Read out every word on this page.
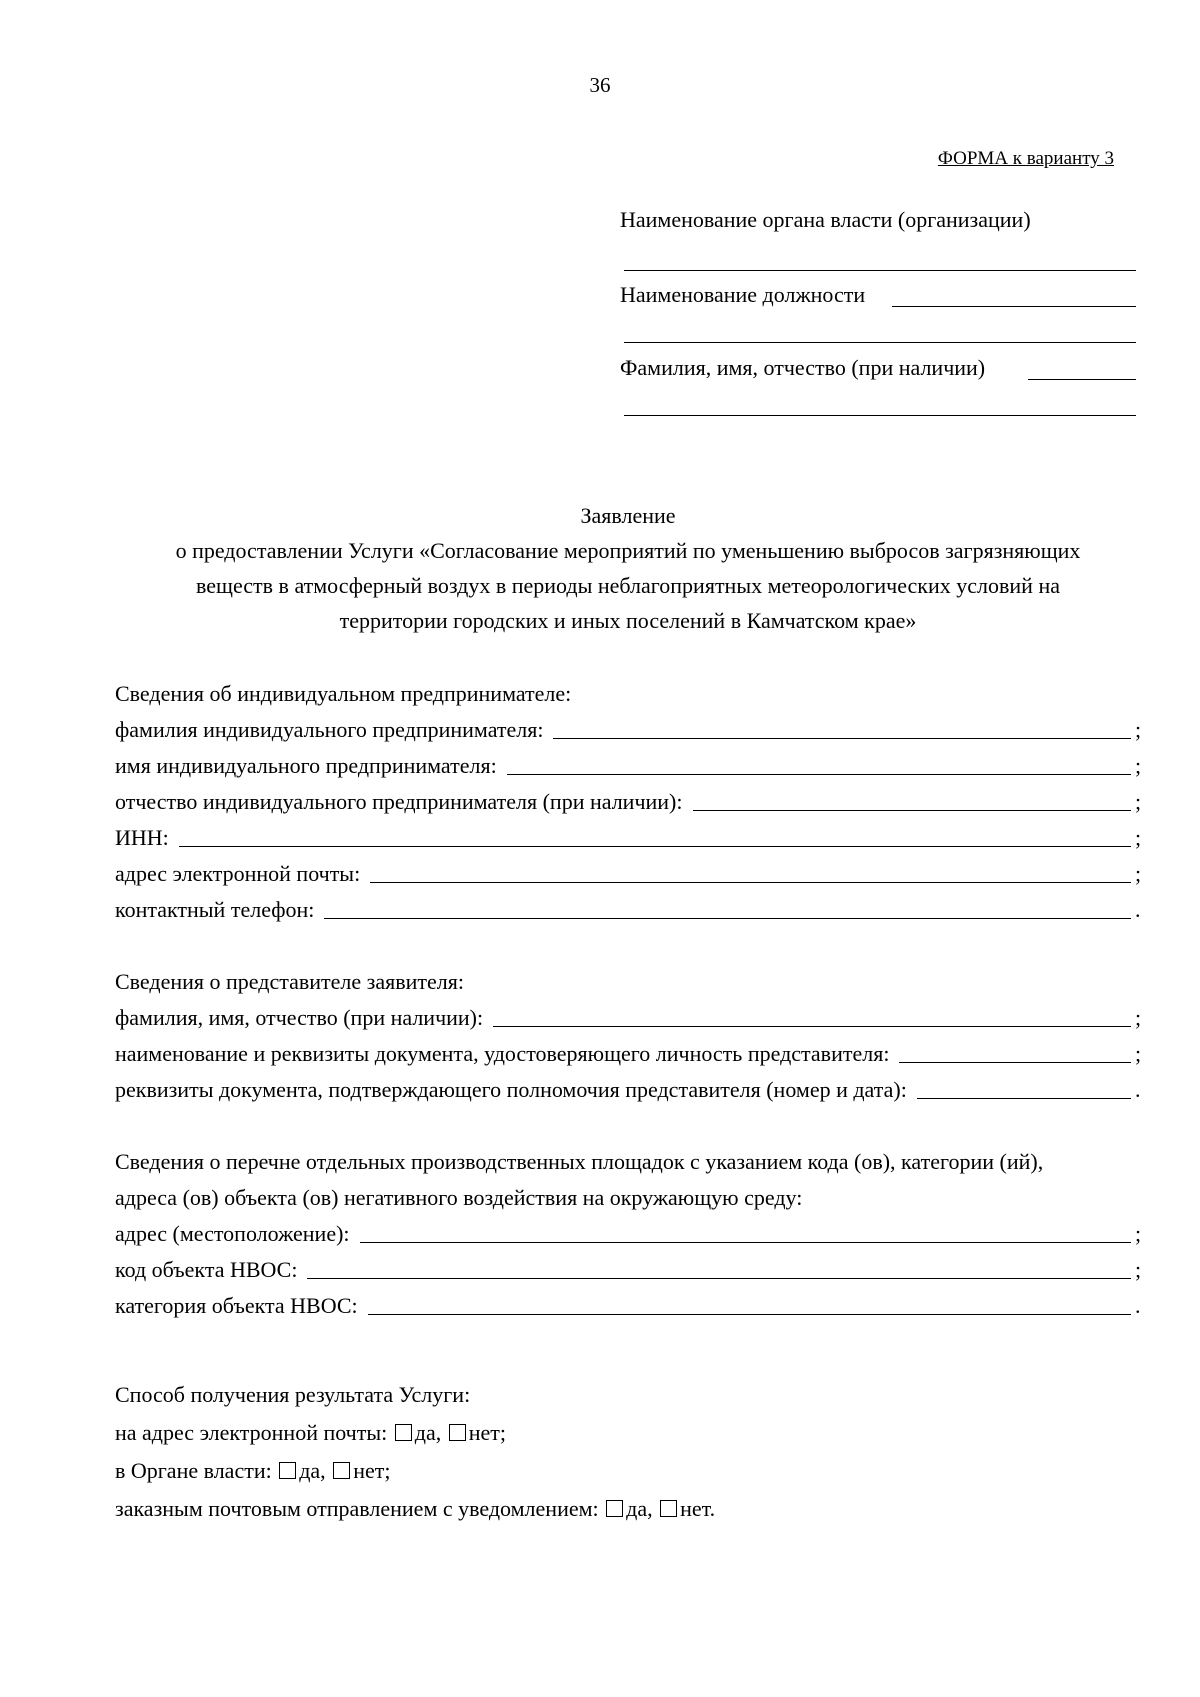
36
ФОРМА к варианту 3
Наименование органа власти (организации)
Наименование должности
Фамилия, имя, отчество (при наличии)
Заявление
о предоставлении Услуги «Согласование мероприятий по уменьшению выбросов загрязняющих
веществ в атмосферный воздух в периоды неблагоприятных метеорологических условий на
территории городских и иных поселений в Камчатском крае»
Сведения об индивидуальном предпринимателе:
фамилия индивидуального предпринимателя:	;
имя индивидуального предпринимателя:	;
отчество индивидуального предпринимателя (при наличии):	;
ИНН:	;
адрес электронной почты:	;
контактный телефон:	.
Сведения о представителе заявителя:
фамилия, имя, отчество (при наличии):	;
наименование и реквизиты документа, удостоверяющего личность представителя:	;
реквизиты документа, подтверждающего полномочия представителя (номер и дата):	.
Сведения о перечне отдельных производственных площадок с указанием кода (ов), категории (ий),
адреса (ов) объекта (ов) негативного воздействия на окружающую среду:
адрес (местоположение):	;
код объекта НВОС:	;
категория объекта НВОС:	.
Способ получения результата Услуги:
на адрес электронной почты: да, нет;
в Органе власти: да, нет;
заказным почтовым отправлением с уведомлением: да, нет.
